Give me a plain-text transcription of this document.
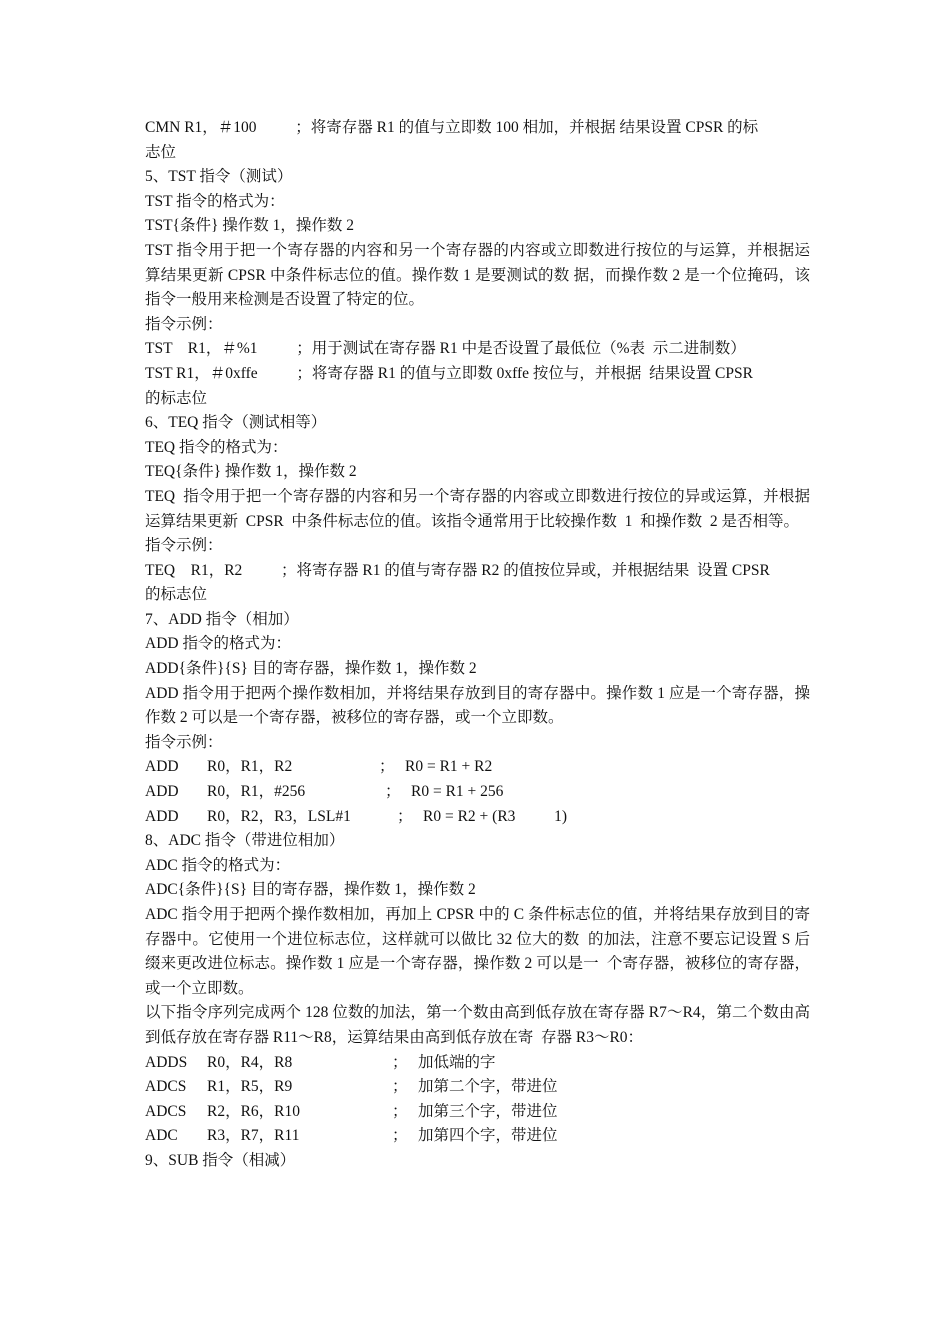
CMN R1，＃100          ；将寄存器 R1 的值与立即数 100 相加，并根据 结果设置 CPSR 的标
志位
5、TST 指令（测试）
TST 指令的格式为：
TST{条件} 操作数 1，操作数 2
TST 指令用于把一个寄存器的内容和另一个寄存器的内容或立即数进行按位的与运算，并根据运算结果更新 CPSR 中条件标志位的值。操作数 1 是要测试的数 据，而操作数 2 是一个位掩码，该指令一般用来检测是否设置了特定的位。
指令示例：
TST    R1，＃%1          ；用于测试在寄存器 R1 中是否设置了最低位（%表  示二进制数）
TST R1，＃0xffe          ；将寄存器 R1 的值与立即数 0xffe 按位与，并根据  结果设置 CPSR
的标志位
6、TEQ 指令（测试相等）
TEQ 指令的格式为：
TEQ{条件} 操作数 1，操作数 2
TEQ  指令用于把一个寄存器的内容和另一个寄存器的内容或立即数进行按位的异或运算，并根据运算结果更新  CPSR  中条件标志位的值。该指令通常用于比较操作数  1  和操作数  2 是否相等。
指令示例：
TEQ    R1，R2          ；将寄存器 R1 的值与寄存器 R2 的值按位异或，并根据结果  设置 CPSR
的标志位
7、ADD 指令（相加）
ADD 指令的格式为：
ADD{条件}{S} 目的寄存器，操作数 1，操作数 2
ADD 指令用于把两个操作数相加，并将结果存放到目的寄存器中。操作数 1 应是一个寄存器，操作数 2 可以是一个寄存器，被移位的寄存器，或一个立即数。
指令示例：
ADD	R0，R1，R2	； R0 = R1 + R2
ADD	R0，R1，#256	； R0 = R1 + 256
ADD	R0，R2，R3，LSL#1	； R0 = R2 + (R3          1)
8、ADC 指令（带进位相加）
ADC 指令的格式为：
ADC{条件}{S} 目的寄存器，操作数 1，操作数 2
ADC 指令用于把两个操作数相加，再加上 CPSR 中的 C 条件标志位的值，并将结果存放到目的寄存器中。它使用一个进位标志位，这样就可以做比 32 位大的数  的加法，注意不要忘记设置 S 后缀来更改进位标志。操作数 1 应是一个寄存器，操作数 2 可以是一  个寄存器，被移位的寄存器，或一个立即数。
以下指令序列完成两个 128 位数的加法，第一个数由高到低存放在寄存器 R7～R4，第二个数由高到低存放在寄存器 R11～R8，运算结果由高到低存放在寄  存器 R3～R0：
ADDS	R0，R4，R8	； 加低端的字
ADCS	R1，R5，R9	； 加第二个字，带进位
ADCS	R2，R6，R10	； 加第三个字，带进位
ADC	R3，R7，R11	； 加第四个字，带进位
9、SUB 指令（相减）
